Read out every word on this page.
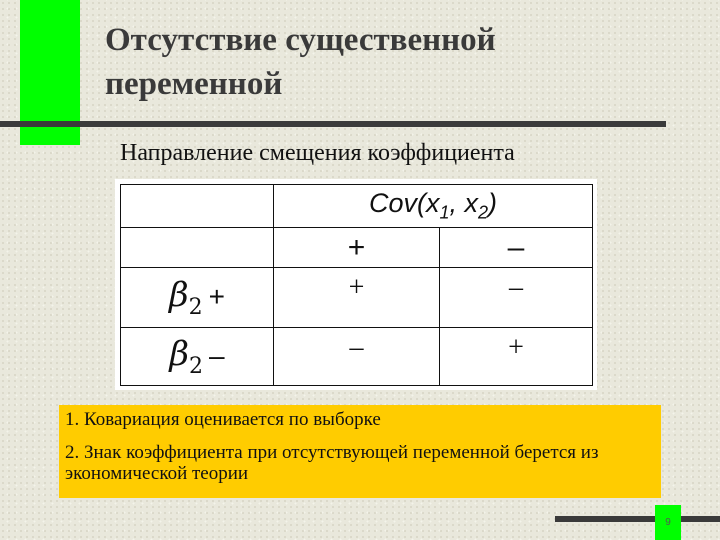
Отсутствие существенной переменной
Направление смещения коэффициента
	$Cov(x_1$, $x_2$)	
	+	–
$\beta_2$ +	+	–
$\beta_2$ –	–	+

1. Ковариация оценивается по выборке

2. Знак коэффициента при отсутствующей переменной берется из экономической теории

9
